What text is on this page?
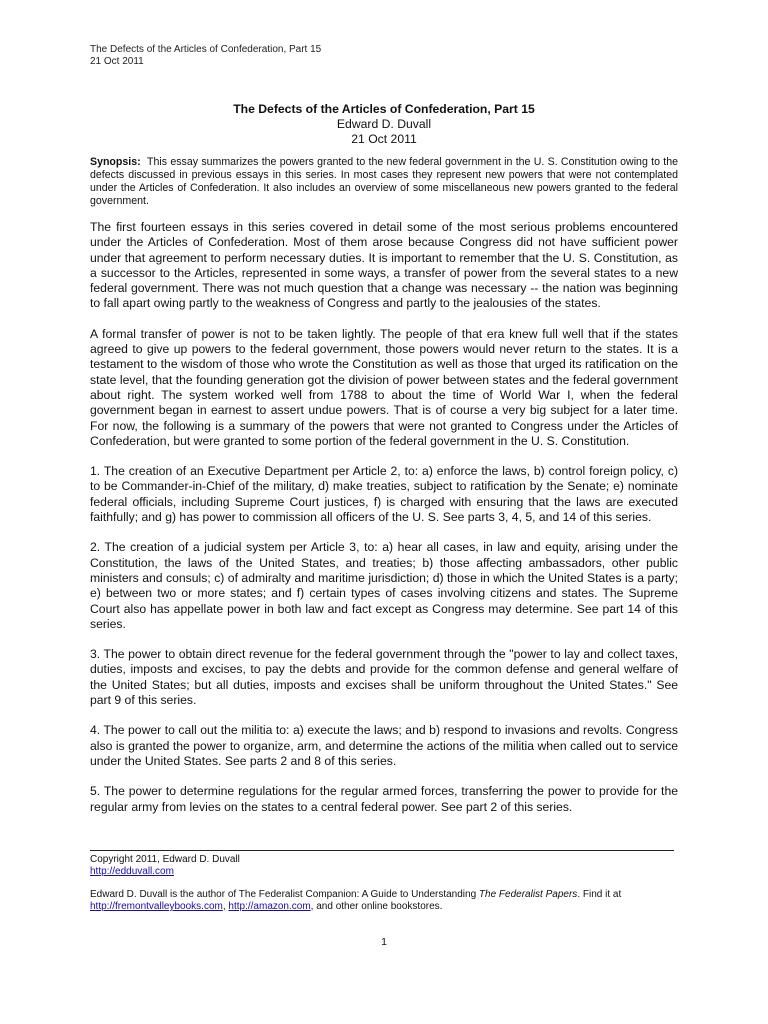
The Defects of the Articles of Confederation, Part 15
21 Oct 2011
The Defects of the Articles of Confederation, Part 15
Edward D. Duvall
21 Oct 2011

Synopsis: This essay summarizes the powers granted to the new federal government in the U. S. Constitution owing to the defects discussed in previous essays in this series. In most cases they represent new powers that were not contemplated under the Articles of Confederation. It also includes an overview of some miscellaneous new powers granted to the federal government.

The first fourteen essays in this series covered in detail some of the most serious problems encountered under the Articles of Confederation. Most of them arose because Congress did not have sufficient power under that agreement to perform necessary duties. It is important to remember that the U. S. Constitution, as a successor to the Articles, represented in some ways, a transfer of power from the several states to a new federal government. There was not much question that a change was necessary -- the nation was beginning to fall apart owing partly to the weakness of Congress and partly to the jealousies of the states.

A formal transfer of power is not to be taken lightly. The people of that era knew full well that if the states agreed to give up powers to the federal government, those powers would never return to the states. It is a testament to the wisdom of those who wrote the Constitution as well as those that urged its ratification on the state level, that the founding generation got the division of power between states and the federal government about right. The system worked well from 1788 to about the time of World War I, when the federal government began in earnest to assert undue powers. That is of course a very big subject for a later time. For now, the following is a summary of the powers that were not granted to Congress under the Articles of Confederation, but were granted to some portion of the federal government in the U. S. Constitution.

1. The creation of an Executive Department per Article 2, to: a) enforce the laws, b) control foreign policy, c) to be Commander-in-Chief of the military, d) make treaties, subject to ratification by the Senate; e) nominate federal officials, including Supreme Court justices, f) is charged with ensuring that the laws are executed faithfully; and g) has power to commission all officers of the U. S. See parts 3, 4, 5, and 14 of this series.

2. The creation of a judicial system per Article 3, to: a) hear all cases, in law and equity, arising under the Constitution, the laws of the United States, and treaties; b) those affecting ambassadors, other public ministers and consuls; c) of admiralty and maritime jurisdiction; d) those in which the United States is a party; e) between two or more states; and f) certain types of cases involving citizens and states. The Supreme Court also has appellate power in both law and fact except as Congress may determine. See part 14 of this series.

3. The power to obtain direct revenue for the federal government through the "power to lay and collect taxes, duties, imposts and excises, to pay the debts and provide for the common defense and general welfare of the United States; but all duties, imposts and excises shall be uniform throughout the United States." See part 9 of this series.

4. The power to call out the militia to: a) execute the laws; and b) respond to invasions and revolts. Congress also is granted the power to organize, arm, and determine the actions of the militia when called out to service under the United States. See parts 2 and 8 of this series.

5. The power to determine regulations for the regular armed forces, transferring the power to provide for the regular army from levies on the states to a central federal power. See part 2 of this series.

Copyright 2011, Edward D. Duvall
http://edduvall.com
Edward D. Duvall is the author of The Federalist Companion: A Guide to Understanding The Federalist Papers. Find it at
http://fremontvalleybooks.com, http://amazon.com, and other online bookstores.
1
